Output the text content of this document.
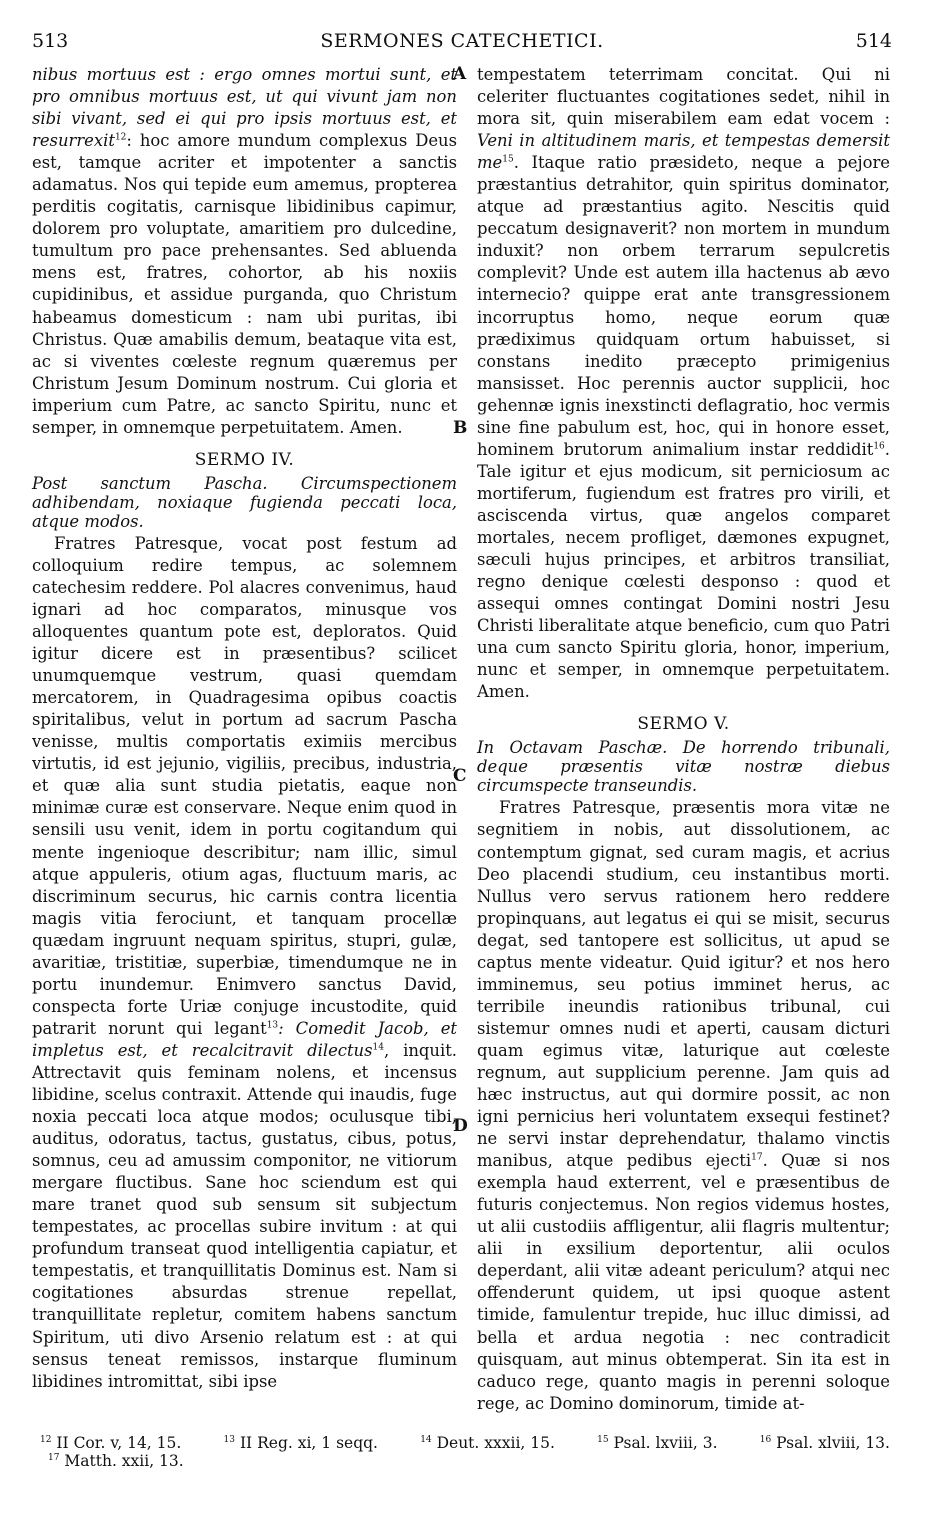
513	SERMONES CATECHETICI.	514
A
B
C
D

nibus mortuus est : ergo omnes mortui sunt, et pro omnibus mortuus est, ut qui vivunt jam non sibi vivant, sed ei qui pro ipsis mortuus est, et resurrexit$^{12}$: hoc amore mundum complexus Deus est, tamque acriter et impotenter a sanctis adamatus. Nos qui tepide eum amemus, propterea perditis cogitatis, carnisque libidinibus capimur, dolorem pro voluptate, amaritiem pro dulcedine, tumultum pro pace prehensantes. Sed abluenda mens est, fratres, cohortor, ab his noxiis cupidinibus, et assidue purganda, quo Christum habeamus domesticum : nam ubi puritas, ibi Christus. Quæ amabilis demum, beataque vita est, ac si viventes cœleste regnum quæremus per Christum Jesum Dominum nostrum. Cui gloria et imperium cum Patre, ac sancto Spiritu, nunc et semper, in omnemque perpetuitatem. Amen.

SERMO IV.
Post sanctum Pascha. Circumspectionem adhibendam, noxiaque fugienda peccati loca, atque modos.

Fratres Patresque, vocat post festum ad colloquium redire tempus, ac solemnem catechesim reddere. Pol alacres convenimus, haud ignari ad hoc comparatos, minusque vos alloquentes quantum pote est, deploratos. Quid igitur dicere est in præsentibus? scilicet unumquemque vestrum, quasi quemdam mercatorem, in Quadragesima opibus coactis spiritalibus, velut in portum ad sacrum Pascha venisse, multis comportatis eximiis mercibus virtutis, id est jejunio, vigiliis, precibus, industria, et quæ alia sunt studia pietatis, eaque non minimæ curæ est conservare. Neque enim quod in sensili usu venit, idem in portu cogitandum qui mente ingenioque describitur; nam illic, simul atque appuleris, otium agas, fluctuum maris, ac discriminum securus, hic carnis contra licentia magis vitia ferociunt, et tanquam procellæ quædam ingruunt nequam spiritus, stupri, gulæ, avaritiæ, tristitiæ, superbiæ, timendumque ne in portu inundemur. Enimvero sanctus David, conspecta forte Uriæ conjuge incustodite, quid patrarit norunt qui legant$^{13}$: Comedit Jacob, et impletus est, et recalcitravit dilectus$^{14}$, inquit. Attrectavit quis feminam nolens, et incensus libidine, scelus contraxit. Attende qui inaudis, fuge noxia peccati loca atque modos; oculusque tibi, auditus, odoratus, tactus, gustatus, cibus, potus, somnus, ceu ad amussim componitor, ne vitiorum mergare fluctibus. Sane hoc sciendum est qui mare tranet quod sub sensum sit subjectum tempestates, ac procellas subire invitum : at qui profundum transeat quod intelligentia capiatur, et tempestatis, et tranquillitatis Dominus est. Nam si cogitationes absurdas strenue repellat, tranquillitate repletur, comitem habens sanctum Spiritum, uti divo Arsenio relatum est : at qui sensus teneat remissos, instarque fluminum libidines intromittat, sibi ipse

tempestatem teterrimam concitat. Qui ni celeriter fluctuantes cogitationes sedet, nihil in mora sit, quin miserabilem eam edat vocem : Veni in altitudinem maris, et tempestas demersit $me^{15}$. Itaque ratio præsideto, neque a pejore præstantius detrahitor, quin spiritus dominator, atque ad præstantius agito. Nescitis quid peccatum designaverit? non mortem in mundum induxit? non orbem terrarum sepulcretis complevit? Unde est autem illa hactenus ab ævo internecio? quippe erat ante transgressionem incorruptus homo, neque eorum quæ prædiximus quidquam ortum habuisset, si constans inedito præcepto primigenius mansisset. Hoc perennis auctor supplicii, hoc gehennæ ignis inexstincti deflagratio, hoc vermis sine fine pabulum est, hoc, qui in honore esset, hominem brutorum animalium instar reddidit$^{16}$. Tale igitur et ejus modicum, sit perniciosum ac mortiferum, fugiendum est fratres pro virili, et asciscenda virtus, quæ angelos comparet mortales, necem profliget, dæmones expugnet, sæculi hujus principes, et arbitros transiliat, regno denique cœlesti desponso : quod et assequi omnes contingat Domini nostri Jesu Christi liberalitate atque beneficio, cum quo Patri una cum sancto Spiritu gloria, honor, imperium, nunc et semper, in omnemque perpetuitatem. Amen.

SERMO V.
In Octavam Paschæ. De horrendo tribunali, deque præsentis vitæ nostræ diebus circumspecte transeundis.

Fratres Patresque, præsentis mora vitæ ne segnitiem in nobis, aut dissolutionem, ac contemptum gignat, sed curam magis, et acrius Deo placendi studium, ceu instantibus morti. Nullus vero servus rationem hero reddere propinquans, aut legatus ei qui se misit, securus degat, sed tantopere est sollicitus, ut apud se captus mente videatur. Quid igitur? et nos hero imminemus, seu potius imminet herus, ac terribile ineundis rationibus tribunal, cui sistemur omnes nudi et aperti, causam dicturi quam egimus vitæ, laturique aut cœleste regnum, aut supplicium perenne. Jam quis ad hæc instructus, aut qui dormire possit, ac non igni pernicius heri voluntatem exsequi festinet? ne servi instar deprehendatur, thalamo vinctis manibus, atque pedibus ejecti$^{17}$. Quæ si nos exempla haud exterrent, vel e præsentibus de futuris conjectemus. Non regios videmus hostes, ut alii custodiis affligentur, alii flagris multentur; alii in exsilium deportentur, alii oculos deperdant, alii vitæ adeant periculum? atqui nec offenderunt quidem, ut ipsi quoque astent timide, famulentur trepide, huc illuc dimissi, ad bella et ardua negotia : nec contradicit quisquam, aut minus obtemperat. Sin ita est in caduco rege, quanto magis in perenni soloque rege, ac Domino dominorum, timide at-

$^{12}$ II Cor. v, 14, 15.	$^{13}$ II Reg. xi, 1 seqq.	$^{14}$ Deut. xxxii, 15.	$^{15}$ Psal. lxviii, 3.	$^{16}$ Psal. xlviii, 13.
$^{17}$ Matth. xxii, 13.
